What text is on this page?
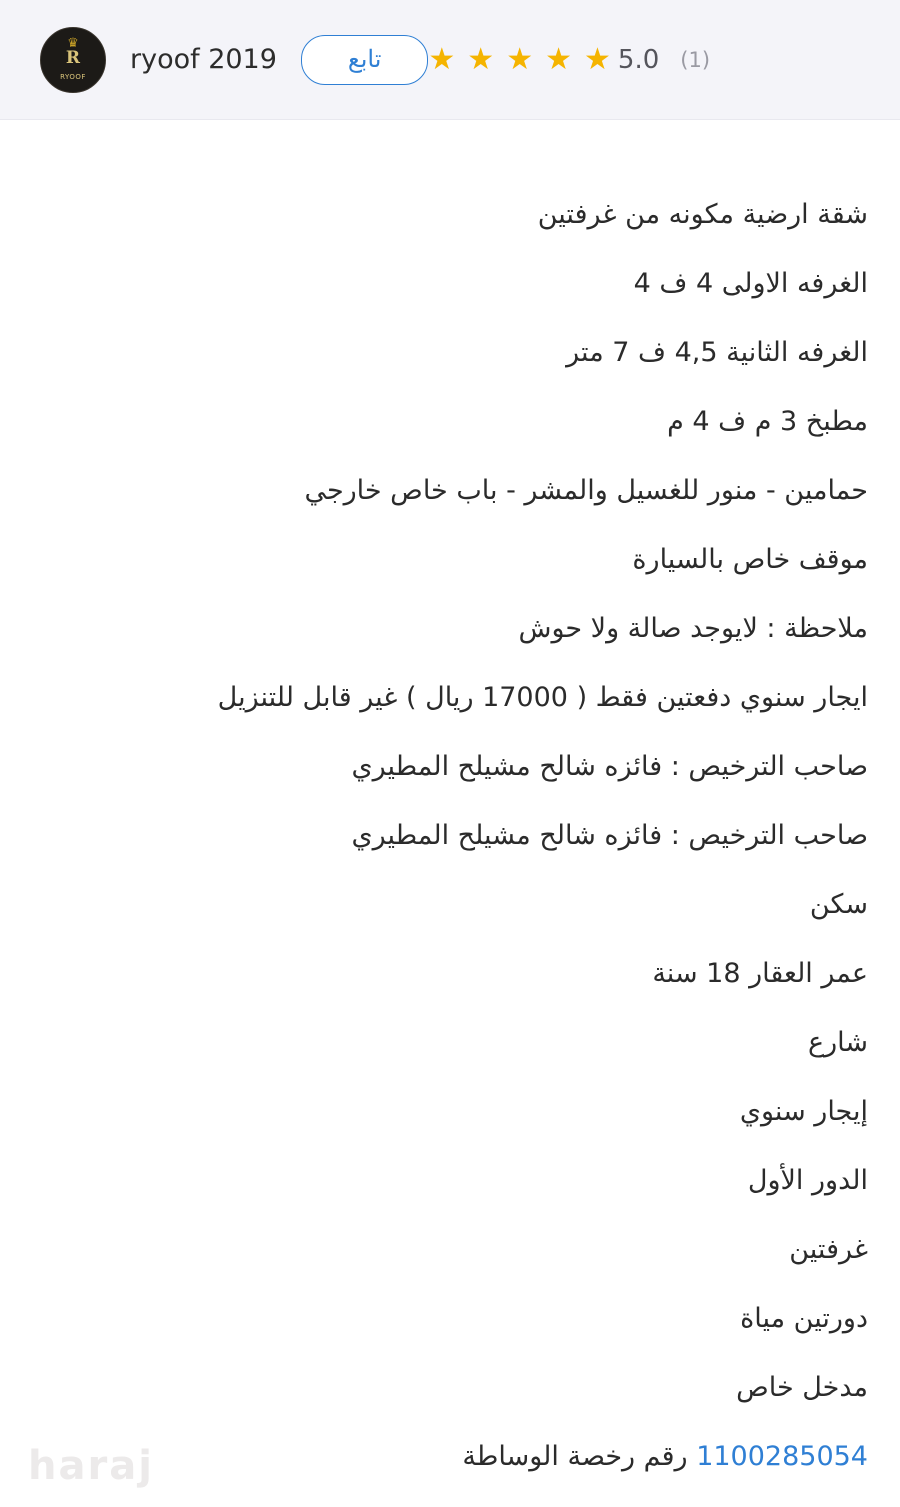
♛
R
RYOOF
ryoof 2019	تابع	★
★
★
★
★	5.0 (1)
شقة ارضية مكونه من غرفتين
الغرفه الاولى 4 ف 4
الغرفه الثانية 4,5 ف 7 متر
مطبخ 3 م ف 4 م
حمامين - منور للغسيل والمشر - باب خاص خارجي
موقف خاص بالسيارة
ملاحظة : لايوجد صالة ولا حوش
ايجار سنوي دفعتين فقط ( 17000 ريال ) غير قابل للتنزيل
صاحب الترخيص : فائزه شالح مشيلح المطيري
صاحب الترخيص : فائزه شالح مشيلح المطيري
سكن
عمر العقار 18 سنة
شارع
إيجار سنوي
الدور الأول
غرفتين
دورتين مياة
مدخل خاص
1100285054 رقم رخصة الوساطة
haraj
